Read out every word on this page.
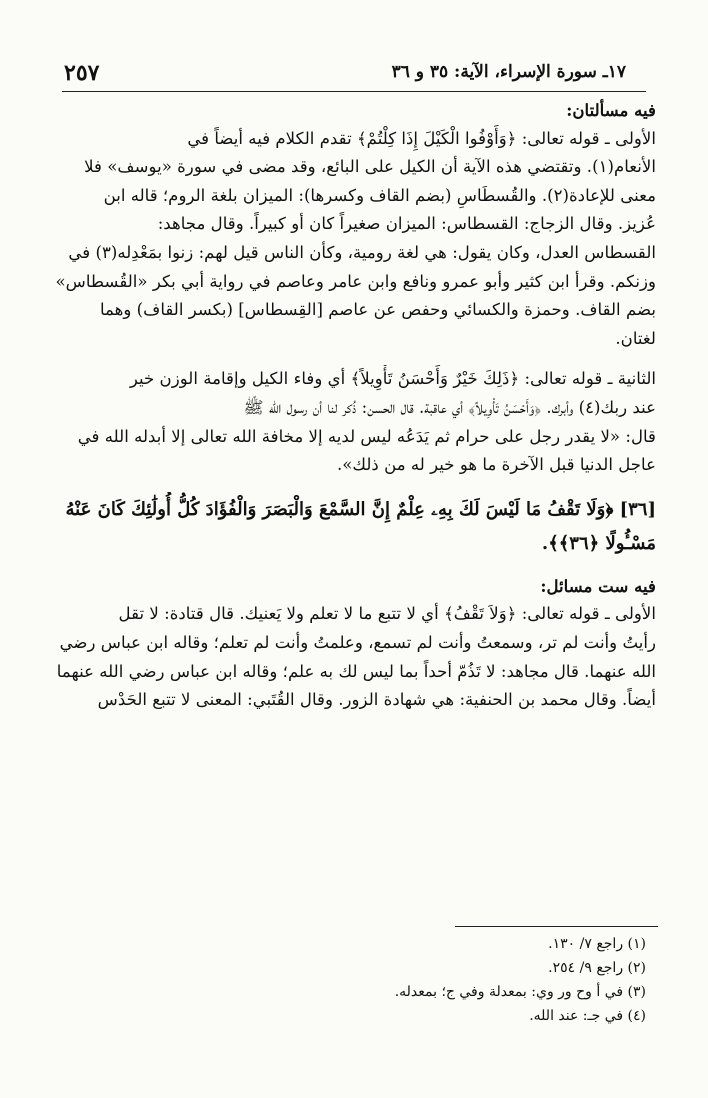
٢٥٧	١٧ـ سورة الإسراء، الآية: ٣٥ و ٣٦
فيه مسألتان:
الأولى ـ قوله تعالى: ﴿وَأَوْفُوا الْكَيْلَ إِذَا كِلْتُمْ﴾ تقدم الكلام فيه أيضاً في
الأنعام(١). وتقتضي هذه الآية أن الكيل على البائع، وقد مضى في سورة «يوسف» فلا
معنى للإعادة(٢). والقُسطَاسِ (بضم القاف وكسرها): الميزان بلغة الروم؛ قاله ابن
عُزيز. وقال الزجاج: القسطاس: الميزان صغيراً كان أو كبيراً. وقال مجاهد:
القسطاس العدل، وكان يقول: هي لغة رومية، وكأن الناس قيل لهم: زنوا بمَعْدِله(٣) في
وزنكم. وقرأ ابن كثير وأبو عمرو ونافع وابن عامر وعاصم في رواية أبي بكر «القُسطاس»
بضم القاف. وحمزة والكسائي وحفص عن عاصم [القِسطاس] (بكسر القاف) وهما
لغتان.
الثانية ـ قوله تعالى: ﴿ذَلِكَ خَيْرٌ وَأَحْسَنُ تَأْوِيلاً﴾ أي وفاء الكيل وإقامة الوزن خير
عند ربك(٤) وأبرك. ﴿وَأَحْسَنُ تَأْوِيلاً﴾ أي عاقبة. قال الحسن: ذُكر لنا أن رسول الله ﷺ
قال: «لا يقدر رجل على حرام ثم يَدَعُه ليس لديه إلا مخافة الله تعالى إلا أبدله الله في
عاجل الدنيا قبل الآخرة ما هو خير له من ذلك».
[٣٦] ﴿وَلَا تَقْفُ مَا لَيْسَ لَكَ بِهِۦ عِلْمٌ إِنَّ السَّمْعَ وَالْبَصَرَ وَالْفُؤَادَ كُلُّ أُولَٰئِكَ كَانَ عَنْهُ
مَسْـُٔولًا ﴿٣٦﴾﴾.
فيه ست مسائل:
الأولى ـ قوله تعالى: ﴿وَلاَ تَقْفُ﴾ أي لا تتبع ما لا تعلم ولا يَعنيك. قال قتادة: لا تقل
رأيتُ وأنت لم تر، وسمعتُ وأنت لم تسمع، وعلمتُ وأنت لم تعلم؛ وقاله ابن عباس رضي
الله عنهما. قال مجاهد: لا تَذُمّ أحداً بما ليس لك به علم؛ وقاله ابن عباس رضي الله عنهما
أيضاً. وقال محمد بن الحنفية: هي شهادة الزور. وقال القُتَبي: المعنى لا تتبع الحَدْس
(١) راجع ٧/ ١٣٠.
(٢) راجع ٩/ ٢٥٤.
(٣) في أ وح ور وي: بمعدلة وفي ج؛ بمعدله.
(٤) في جـ: عند الله.
